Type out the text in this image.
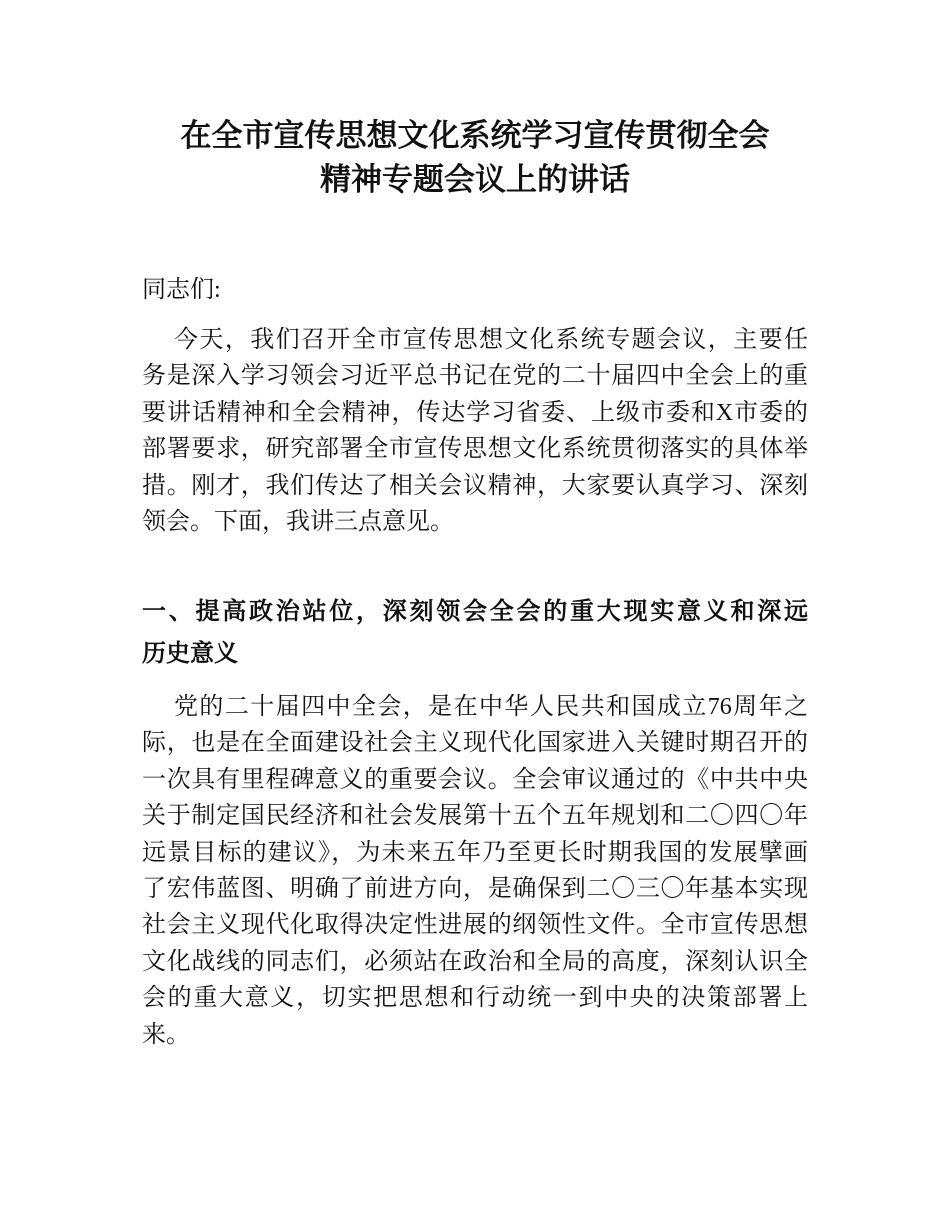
在全市宣传思想文化系统学习宣传贯彻全会
精神专题会议上的讲话
同志们:
今天，我们召开全市宣传思想文化系统专题会议，主要任
务是深入学习领会习近平总书记在党的二十届四中全会上的重
要讲话精神和全会精神，传达学习省委、上级市委和X市委的
部署要求，研究部署全市宣传思想文化系统贯彻落实的具体举
措。刚才，我们传达了相关会议精神，大家要认真学习、深刻
领会。下面，我讲三点意见。
一、提高政治站位，深刻领会全会的重大现实意义和深远
历史意义
党的二十届四中全会，是在中华人民共和国成立76周年之
际，也是在全面建设社会主义现代化国家进入关键时期召开的
一次具有里程碑意义的重要会议。全会审议通过的《中共中央
关于制定国民经济和社会发展第十五个五年规划和二〇四〇年
远景目标的建议》，为未来五年乃至更长时期我国的发展擘画
了宏伟蓝图、明确了前进方向，是确保到二〇三〇年基本实现
社会主义现代化取得决定性进展的纲领性文件。全市宣传思想
文化战线的同志们，必须站在政治和全局的高度，深刻认识全
会的重大意义，切实把思想和行动统一到中央的决策部署上
来。
